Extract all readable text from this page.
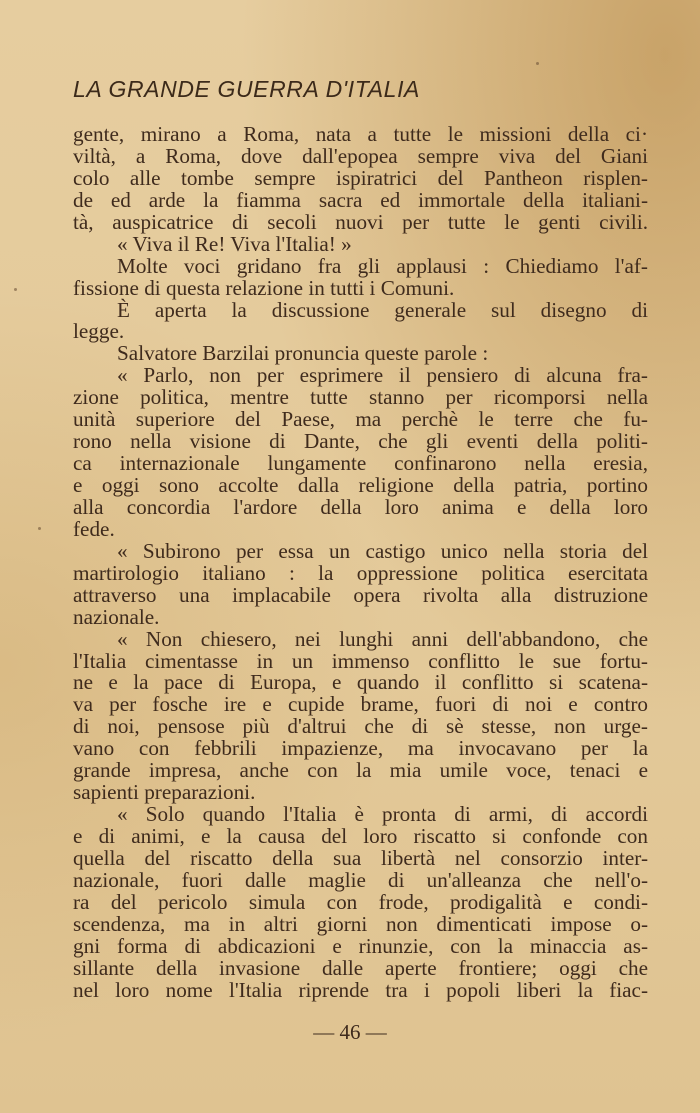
LA GRANDE GUERRA D'ITALIA
gente, mirano a Roma, nata a tutte le missioni della ci·
viltà, a Roma, dove dall'epopea sempre viva del Giani
colo alle tombe sempre ispiratrici del Pantheon risplen-
de ed arde la fiamma sacra ed immortale della italiani-
tà, auspicatrice di secoli nuovi per tutte le genti civili.
« Viva il Re! Viva l'Italia! »
Molte voci gridano fra gli applausi : Chiediamo l'af-
fissione di questa relazione in tutti i Comuni.
È aperta la discussione generale sul disegno di
legge.
Salvatore Barzilai pronuncia queste parole :
« Parlo, non per esprimere il pensiero di alcuna fra-
zione politica, mentre tutte stanno per ricomporsi nella
unità superiore del Paese, ma perchè le terre che fu-
rono nella visione di Dante, che gli eventi della politi-
ca internazionale lungamente confinarono nella eresia,
e oggi sono accolte dalla religione della patria, portino
alla concordia l'ardore della loro anima e della loro
fede.
« Subirono per essa un castigo unico nella storia del
martirologio italiano : la oppressione politica esercitata
attraverso una implacabile opera rivolta alla distruzione
nazionale.
« Non chiesero, nei lunghi anni dell'abbandono, che
l'Italia cimentasse in un immenso conflitto le sue fortu-
ne e la pace di Europa, e quando il conflitto si scatena-
va per fosche ire e cupide brame, fuori di noi e contro
di noi, pensose più d'altrui che di sè stesse, non urge-
vano con febbrili impazienze, ma invocavano per la
grande impresa, anche con la mia umile voce, tenaci e
sapienti preparazioni.
« Solo quando l'Italia è pronta di armi, di accordi
e di animi, e la causa del loro riscatto si confonde con
quella del riscatto della sua libertà nel consorzio inter-
nazionale, fuori dalle maglie di un'alleanza che nell'o-
ra del pericolo simula con frode, prodigalità e condi-
scendenza, ma in altri giorni non dimenticati impose o-
gni forma di abdicazioni e rinunzie, con la minaccia as-
sillante della invasione dalle aperte frontiere; oggi che
nel loro nome l'Italia riprende tra i popoli liberi la fiac-
— 46 —
